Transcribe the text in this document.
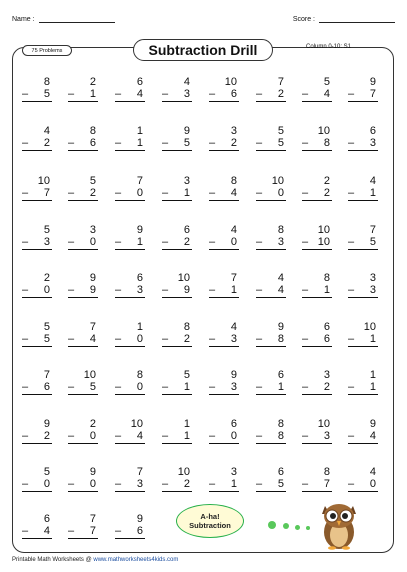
Name :	Score :
Subtraction Drill
75 Problems
Column 0-10: S1
8
– 5
2
– 1
6
– 4
4
– 3
10
– 6
7
– 2
5
– 4
9
– 7
4
– 2
8
– 6
1
– 1
9
– 5
3
– 2
5
– 5
10
– 8
6
– 3
10
– 7
5
– 2
7
– 0
3
– 1
8
– 4
10
– 0
2
– 2
4
– 1
5
– 3
3
– 0
9
– 1
6
– 2
4
– 0
8
– 3
10
– 10
7
– 5
2
– 0
9
– 9
6
– 3
10
– 9
7
– 1
4
– 4
8
– 1
3
– 3
5
– 5
7
– 4
1
– 0
8
– 2
4
– 3
9
– 8
6
– 6
10
– 1
7
– 6
10
– 5
8
– 0
5
– 1
9
– 3
6
– 1
3
– 2
1
– 1
9
– 2
2
– 0
10
– 4
1
– 1
6
– 0
8
– 8
10
– 3
9
– 4
5
– 0
9
– 0
7
– 3
10
– 2
3
– 1
6
– 5
8
– 7
4
– 0
6
– 4
7
– 7
9
– 6
A-ha!
Subtraction
Printable Math Worksheets @ www.mathworksheets4kids.com
